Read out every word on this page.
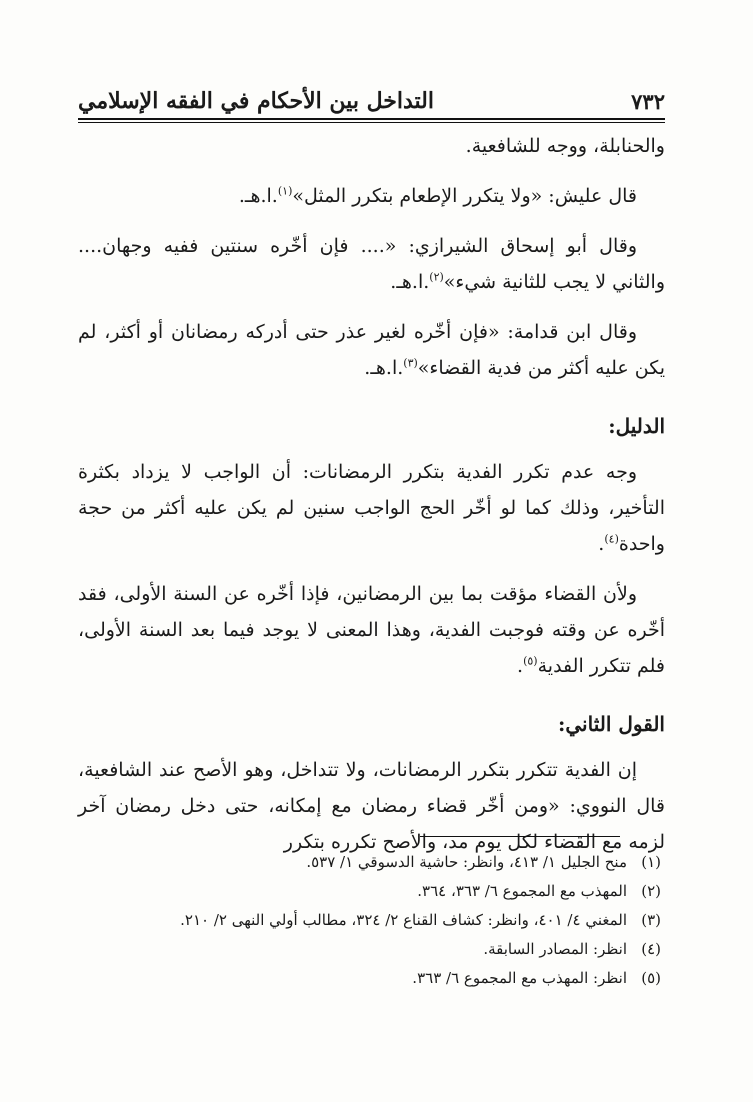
٧٣٢
التداخل بين الأحكام في الفقه الإسلامي

والحنابلة، ووجه للشافعية.

قال عليش: «ولا يتكرر الإطعام بتكرر المثل»$^{(١)}$.ا.هـ.

وقال أبو إسحاق الشيرازي: «.... فإن أخّره سنتين ففيه وجهان.... والثاني لا يجب للثانية شيء»$^{(٢)}$.ا.هـ.

وقال ابن قدامة: «فإن أخّره لغير عذر حتى أدركه رمضانان أو أكثر، لم يكن عليه أكثر من فدية القضاء»$^{(٣)}$.ا.هـ.

الدليل:

وجه عدم تكرر الفدية بتكرر الرمضانات: أن الواجب لا يزداد بكثرة التأخير، وذلك كما لو أخّر الحج الواجب سنين لم يكن عليه أكثر من حجة واحدة$^{(٤)}$.

ولأن القضاء مؤقت بما بين الرمضانين، فإذا أخّره عن السنة الأولى، فقد أخّره عن وقته فوجبت الفدية، وهذا المعنى لا يوجد فيما بعد السنة الأولى، فلم تتكرر الفدية$^{(٥)}$.

القول الثاني:

إن الفدية تتكرر بتكرر الرمضانات، ولا تتداخل، وهو الأصح عند الشافعية، قال النووي: «ومن أخّر قضاء رمضان مع إمكانه، حتى دخل رمضان آخر لزمه مع القضاء لكل يوم مد، والأصح تكرره بتكرر

(١)منح الجليل ١/ ٤١٣، وانظر: حاشية الدسوقي ١/ ٥٣٧.

(٢)المهذب مع المجموع ٦/ ٣٦٣، ٣٦٤.

(٣)المغني ٤/ ٤٠١، وانظر: كشاف القناع ٢/ ٣٢٤، مطالب أولي النهى ٢/ ٢١٠.

(٤)انظر: المصادر السابقة.

(٥)انظر: المهذب مع المجموع ٦/ ٣٦٣.
